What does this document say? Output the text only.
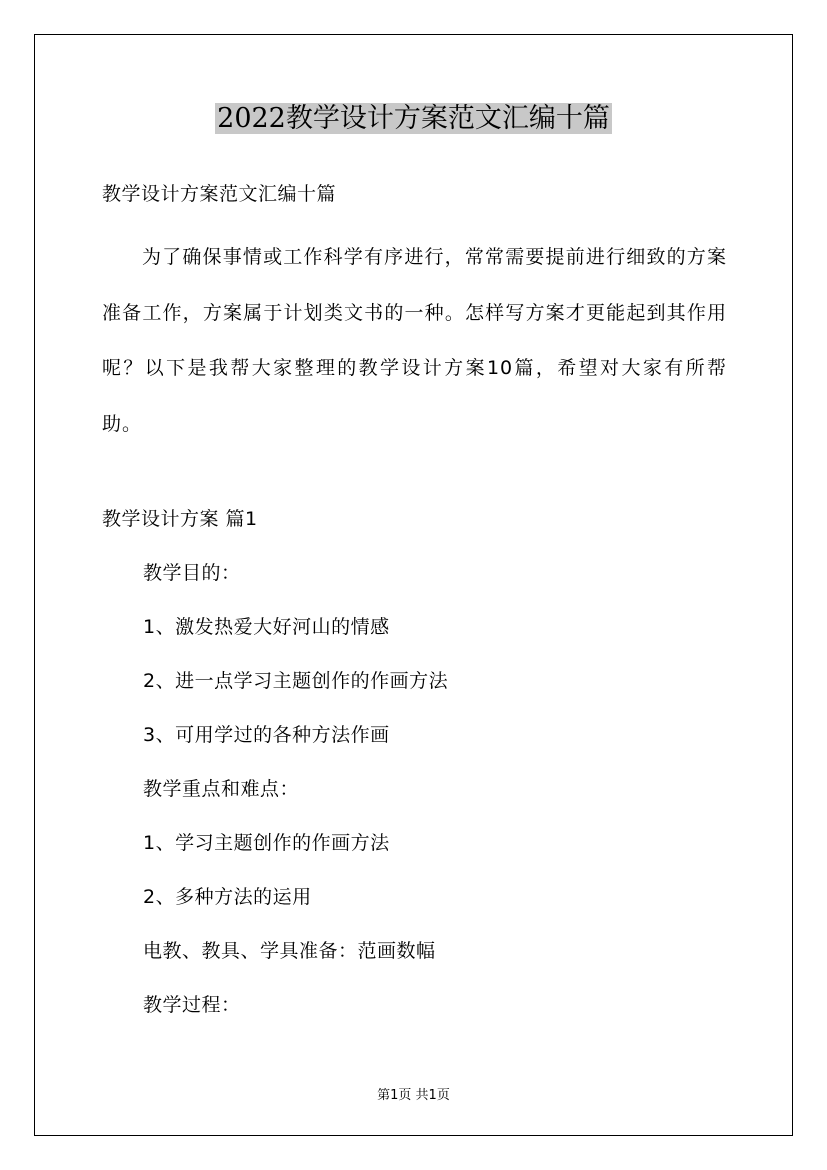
2022教学设计方案范文汇编十篇
教学设计方案范文汇编十篇
为了确保事情或工作科学有序进行，常常需要提前进行细致的方案准备工作，方案属于计划类文书的一种。怎样写方案才更能起到其作用呢？以下是我帮大家整理的教学设计方案10篇，希望对大家有所帮助。
教学设计方案 篇1
教学目的：
1、激发热爱大好河山的情感
2、进一点学习主题创作的作画方法
3、可用学过的各种方法作画
教学重点和难点：
1、学习主题创作的作画方法
2、多种方法的运用
电教、教具、学具准备：范画数幅
教学过程：
第1页 共1页
